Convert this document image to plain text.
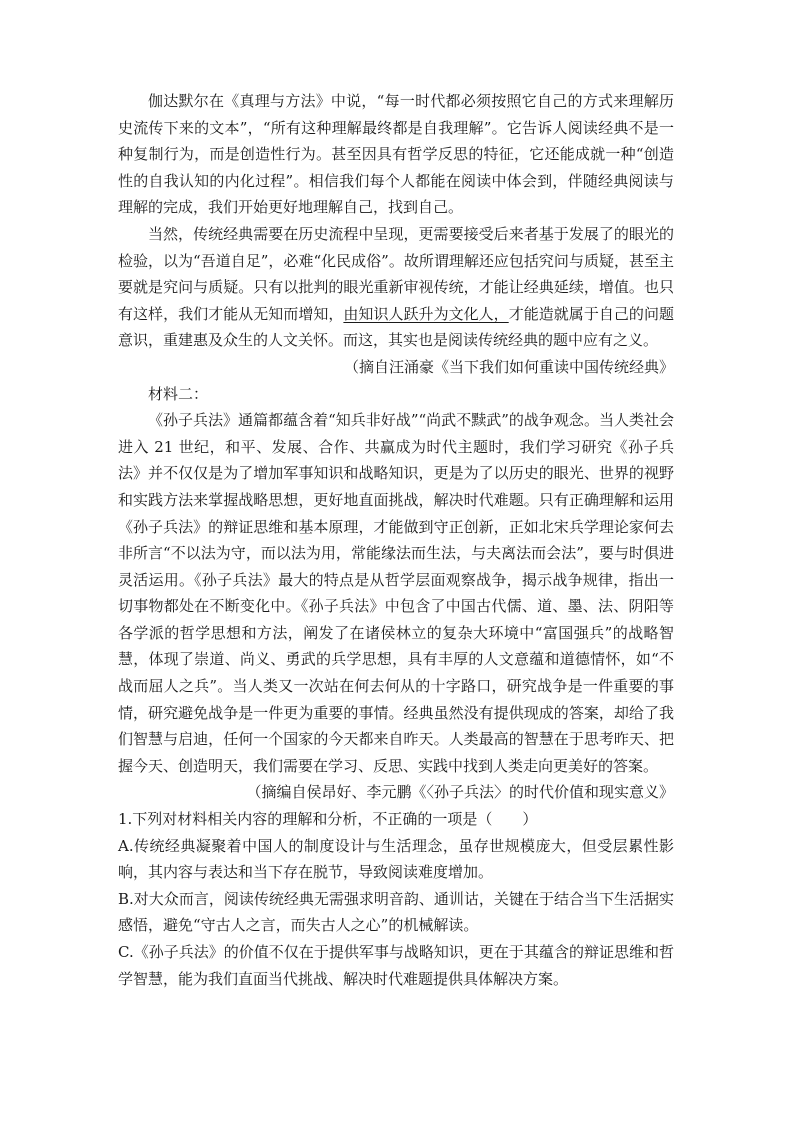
伽达默尔在《真理与方法》中说，“每一时代都必须按照它自己的方式来理解历史流传下来的文本”，“所有这种理解最终都是自我理解”。它告诉人阅读经典不是一种复制行为，而是创造性行为。甚至因具有哲学反思的特征，它还能成就一种“创造性的自我认知的内化过程”。相信我们每个人都能在阅读中体会到，伴随经典阅读与理解的完成，我们开始更好地理解自己，找到自己。

当然，传统经典需要在历史流程中呈现，更需要接受后来者基于发展了的眼光的检验，以为“吾道自足”，必难“化民成俗”。故所谓理解还应包括究问与质疑，甚至主要就是究问与质疑。只有以批判的眼光重新审视传统，才能让经典延续，增值。也只有这样，我们才能从无知而增知，由知识人跃升为文化人，才能造就属于自己的问题意识，重建惠及众生的人文关怀。而这，其实也是阅读传统经典的题中应有之义。

（摘自汪涌豪《当下我们如何重读中国传统经典》

材料二：

《孙子兵法》通篇都蕴含着“知兵非好战”“尚武不黩武”的战争观念。当人类社会进入 21 世纪，和平、发展、合作、共赢成为时代主题时，我们学习研究《孙子兵法》并不仅仅是为了增加军事知识和战略知识，更是为了以历史的眼光、世界的视野和实践方法来掌握战略思想，更好地直面挑战，解决时代难题。只有正确理解和运用《孙子兵法》的辩证思维和基本原理，才能做到守正创新，正如北宋兵学理论家何去非所言“不以法为守，而以法为用，常能缘法而生法，与夫离法而会法”，要与时俱进灵活运用。《孙子兵法》最大的特点是从哲学层面观察战争，揭示战争规律，指出一切事物都处在不断变化中。《孙子兵法》中包含了中国古代儒、道、墨、法、阴阳等各学派的哲学思想和方法，阐发了在诸侯林立的复杂大环境中“富国强兵”的战略智慧，体现了崇道、尚义、勇武的兵学思想，具有丰厚的人文意蕴和道德情怀，如“不战而屈人之兵”。当人类又一次站在何去何从的十字路口，研究战争是一件重要的事情，研究避免战争是一件更为重要的事情。经典虽然没有提供现成的答案，却给了我们智慧与启迪，任何一个国家的今天都来自昨天。人类最高的智慧在于思考昨天、把握今天、创造明天，我们需要在学习、反思、实践中找到人类走向更美好的答案。

（摘编自侯昂好、李元鹏《〈孙子兵法〉的时代价值和现实意义》

1.下列对材料相关内容的理解和分析，不正确的一项是（　　）

A.传统经典凝聚着中国人的制度设计与生活理念，虽存世规模庞大，但受层累性影响，其内容与表达和当下存在脱节，导致阅读难度增加。

B.对大众而言，阅读传统经典无需强求明音韵、通训诂，关键在于结合当下生活据实感悟，避免“守古人之言，而失古人之心”的机械解读。

C.《孙子兵法》的价值不仅在于提供军事与战略知识，更在于其蕴含的辩证思维和哲学智慧，能为我们直面当代挑战、解决时代难题提供具体解决方案。
